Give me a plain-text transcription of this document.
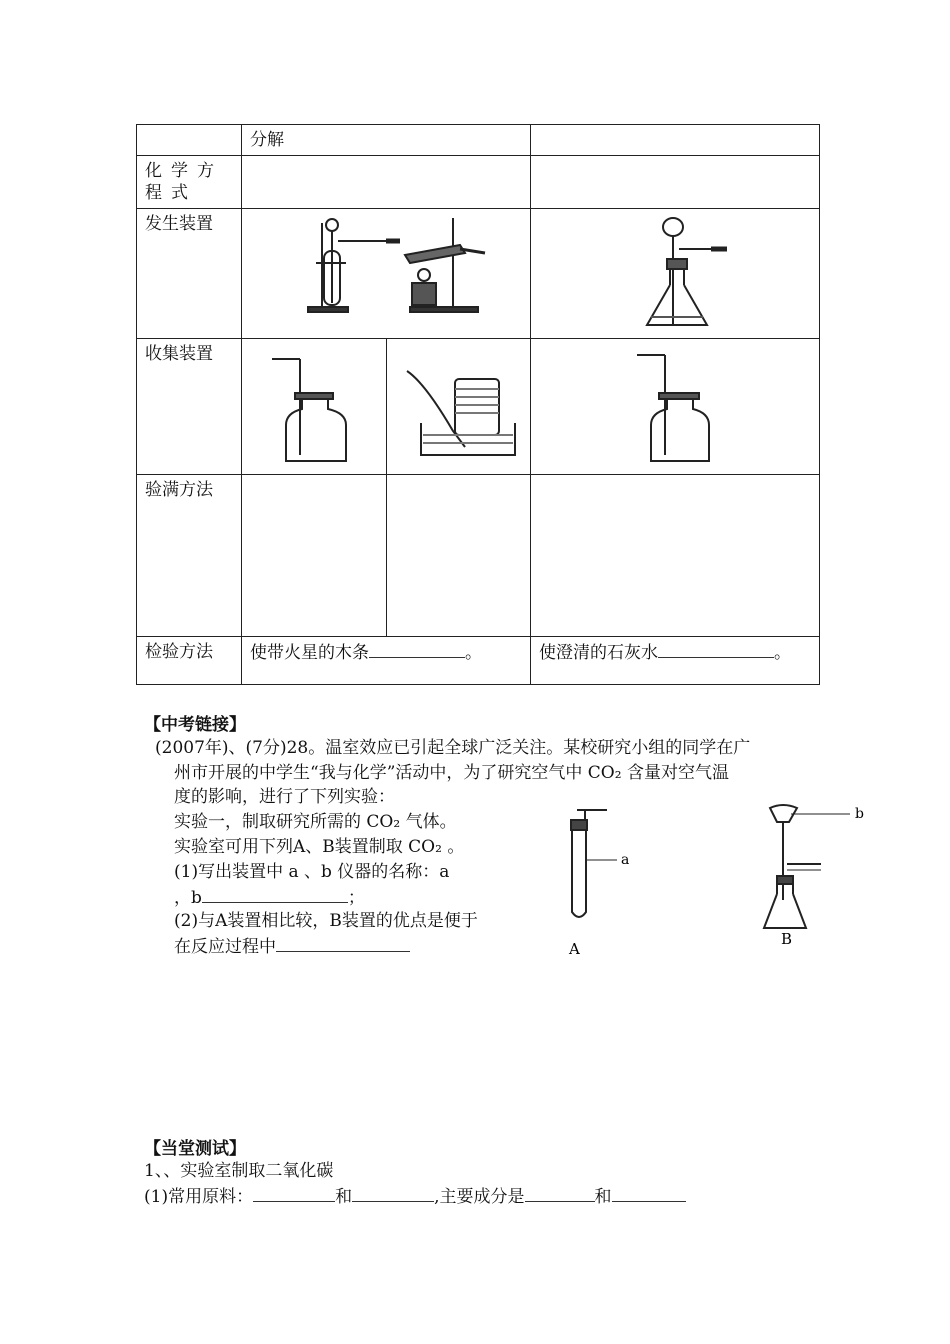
	分解		
化学方程式			
发生装置	

收集装置	

验满方法			
检验方法	使带火星的木条 。		使澄清的石灰水 。
【中考链接】
(2007年)、(7分)28。温室效应已引起全球广泛关注。某校研究小组的同学在广
州市开展的中学生“我与化学”活动中，为了研究空气中 CO₂ 含量对空气温
度的影响，进行了下列实验：
实验一，制取研究所需的 CO₂ 气体。
实验室可用下列A、B装置制取 CO₂ 。
(1)写出装置中 a 、b 仪器的名称：a
，b	；
(2)与A装置相比较，B装置的优点是便于
在反应过程中
a
b
A
B
【当堂测试】
1、、实验室制取二氧化碳
(1)常用原料：	和	,主要成分是	和
